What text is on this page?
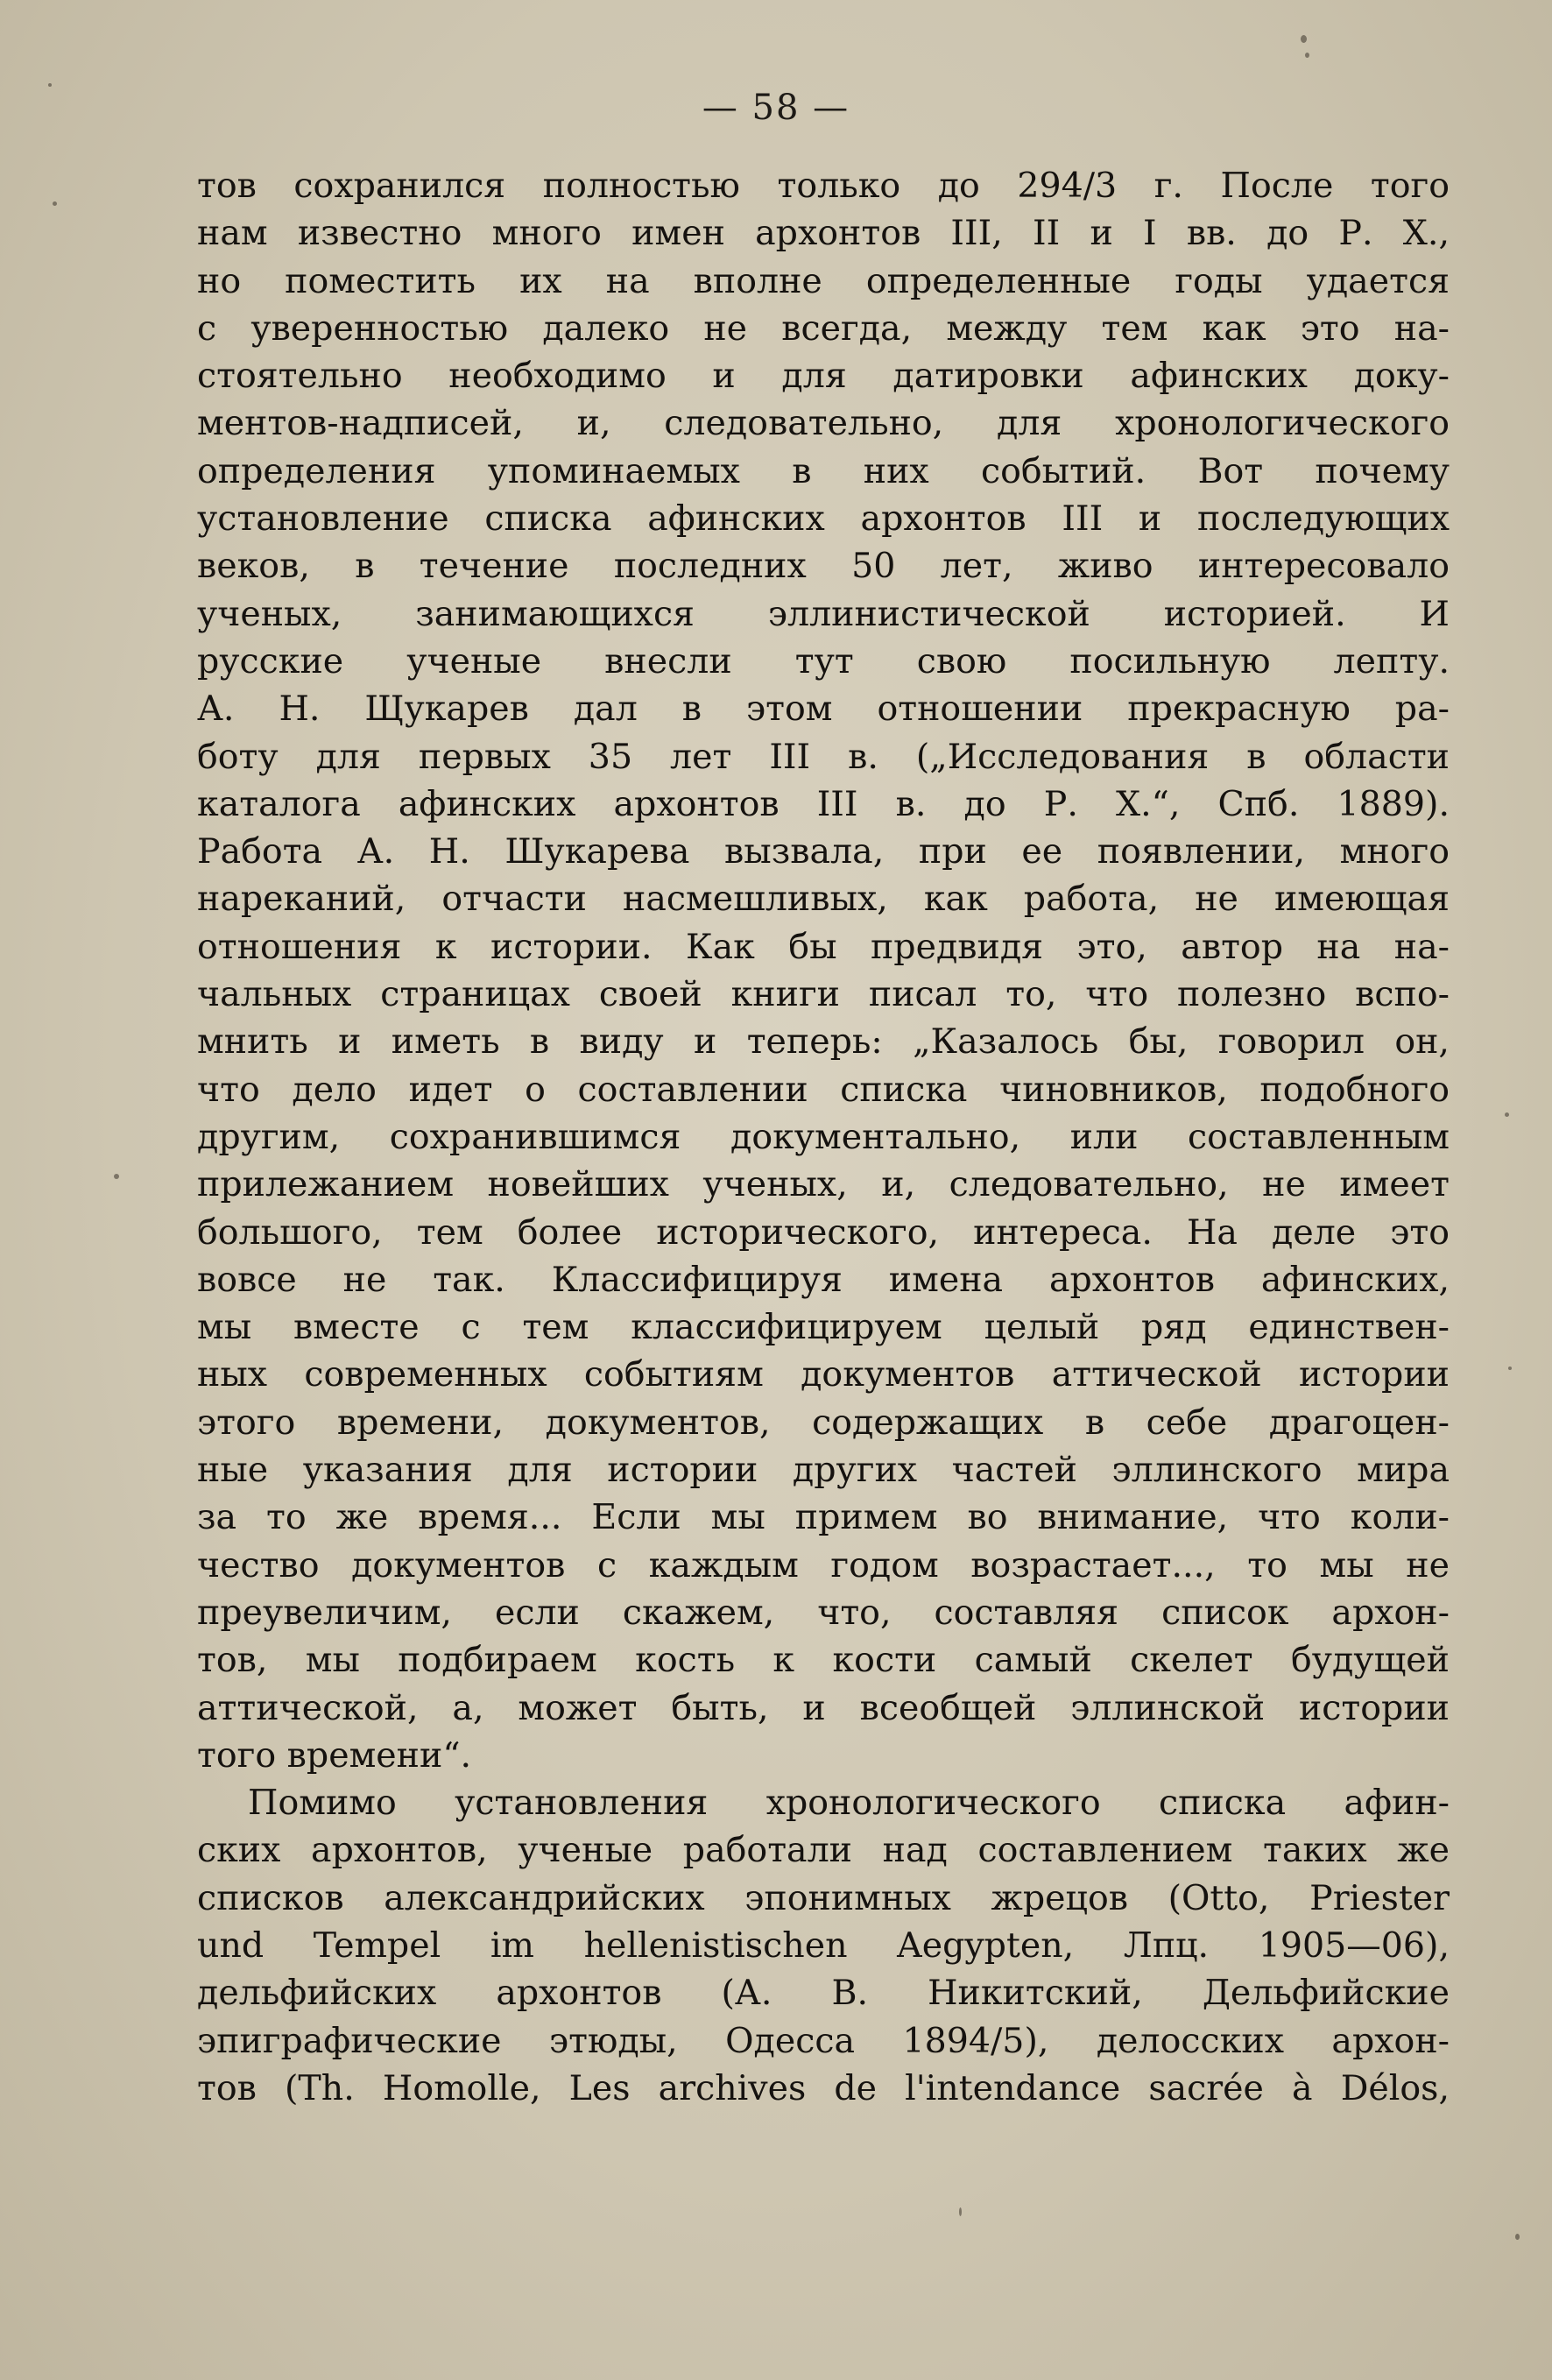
— 58 —
тов сохранился полностью только до 294/3 г. После того
нам известно много имен архонтов III, II и I вв. до Р. Х.,
но поместить их на вполне определенные годы удается
с уверенностью далеко не всегда, между тем как это на-
стоятельно необходимо и для датировки афинских доку-
ментов-надписей, и, следовательно, для хронологического
определения упоминаемых в них событий. Вот почему
установление списка афинских архонтов III и последующих
веков, в течение последних 50 лет, живо интересовало
ученых, занимающихся эллинистической историей. И
русские ученые внесли тут свою посильную лепту.
А. Н. Щукарев дал в этом отношении прекрасную ра-
боту для первых 35 лет III в. („Исследования в области
каталога афинских архонтов III в. до Р. Х.“, Спб. 1889).
Работа А. Н. Шукарева вызвала, при ее появлении, много
нареканий, отчасти насмешливых, как работа, не имеющая
отношения к истории. Как бы предвидя это, автор на на-
чальных страницах своей книги писал то, что полезно вспо-
мнить и иметь в виду и теперь: „Казалось бы, говорил он,
что дело идет о составлении списка чиновников, подобного
другим, сохранившимся документально, или составленным
прилежанием новейших ученых, и, следовательно, не имеет
большого, тем более исторического, интереса. На деле это
вовсе не так. Классифицируя имена архонтов афинских,
мы вместе с тем классифицируем целый ряд единствен-
ных современных событиям документов аттической истории
этого времени, документов, содержащих в себе драгоцен-
ные указания для истории других частей эллинского мира
за то же время... Если мы примем во внимание, что коли-
чество документов с каждым годом возрастает..., то мы не
преувеличим, если скажем, что, составляя список архон-
тов, мы подбираем кость к кости самый скелет будущей
аттической, а, может быть, и всеобщей эллинской истории
того времени“.
Помимо установления хронологического списка афин-
ских архонтов, ученые работали над составлением таких же
списков александрийских эпонимных жрецов (Otto, Priester
und Tempel im hellenistischen Aegypten, Лпц. 1905—06),
дельфийских архонтов (А. В. Никитский, Дельфийские
эпиграфические этюды, Одесса 1894/5), делосских архон-
тов (Th. Homolle, Les archives de l'intendance sacrée à Délos,
